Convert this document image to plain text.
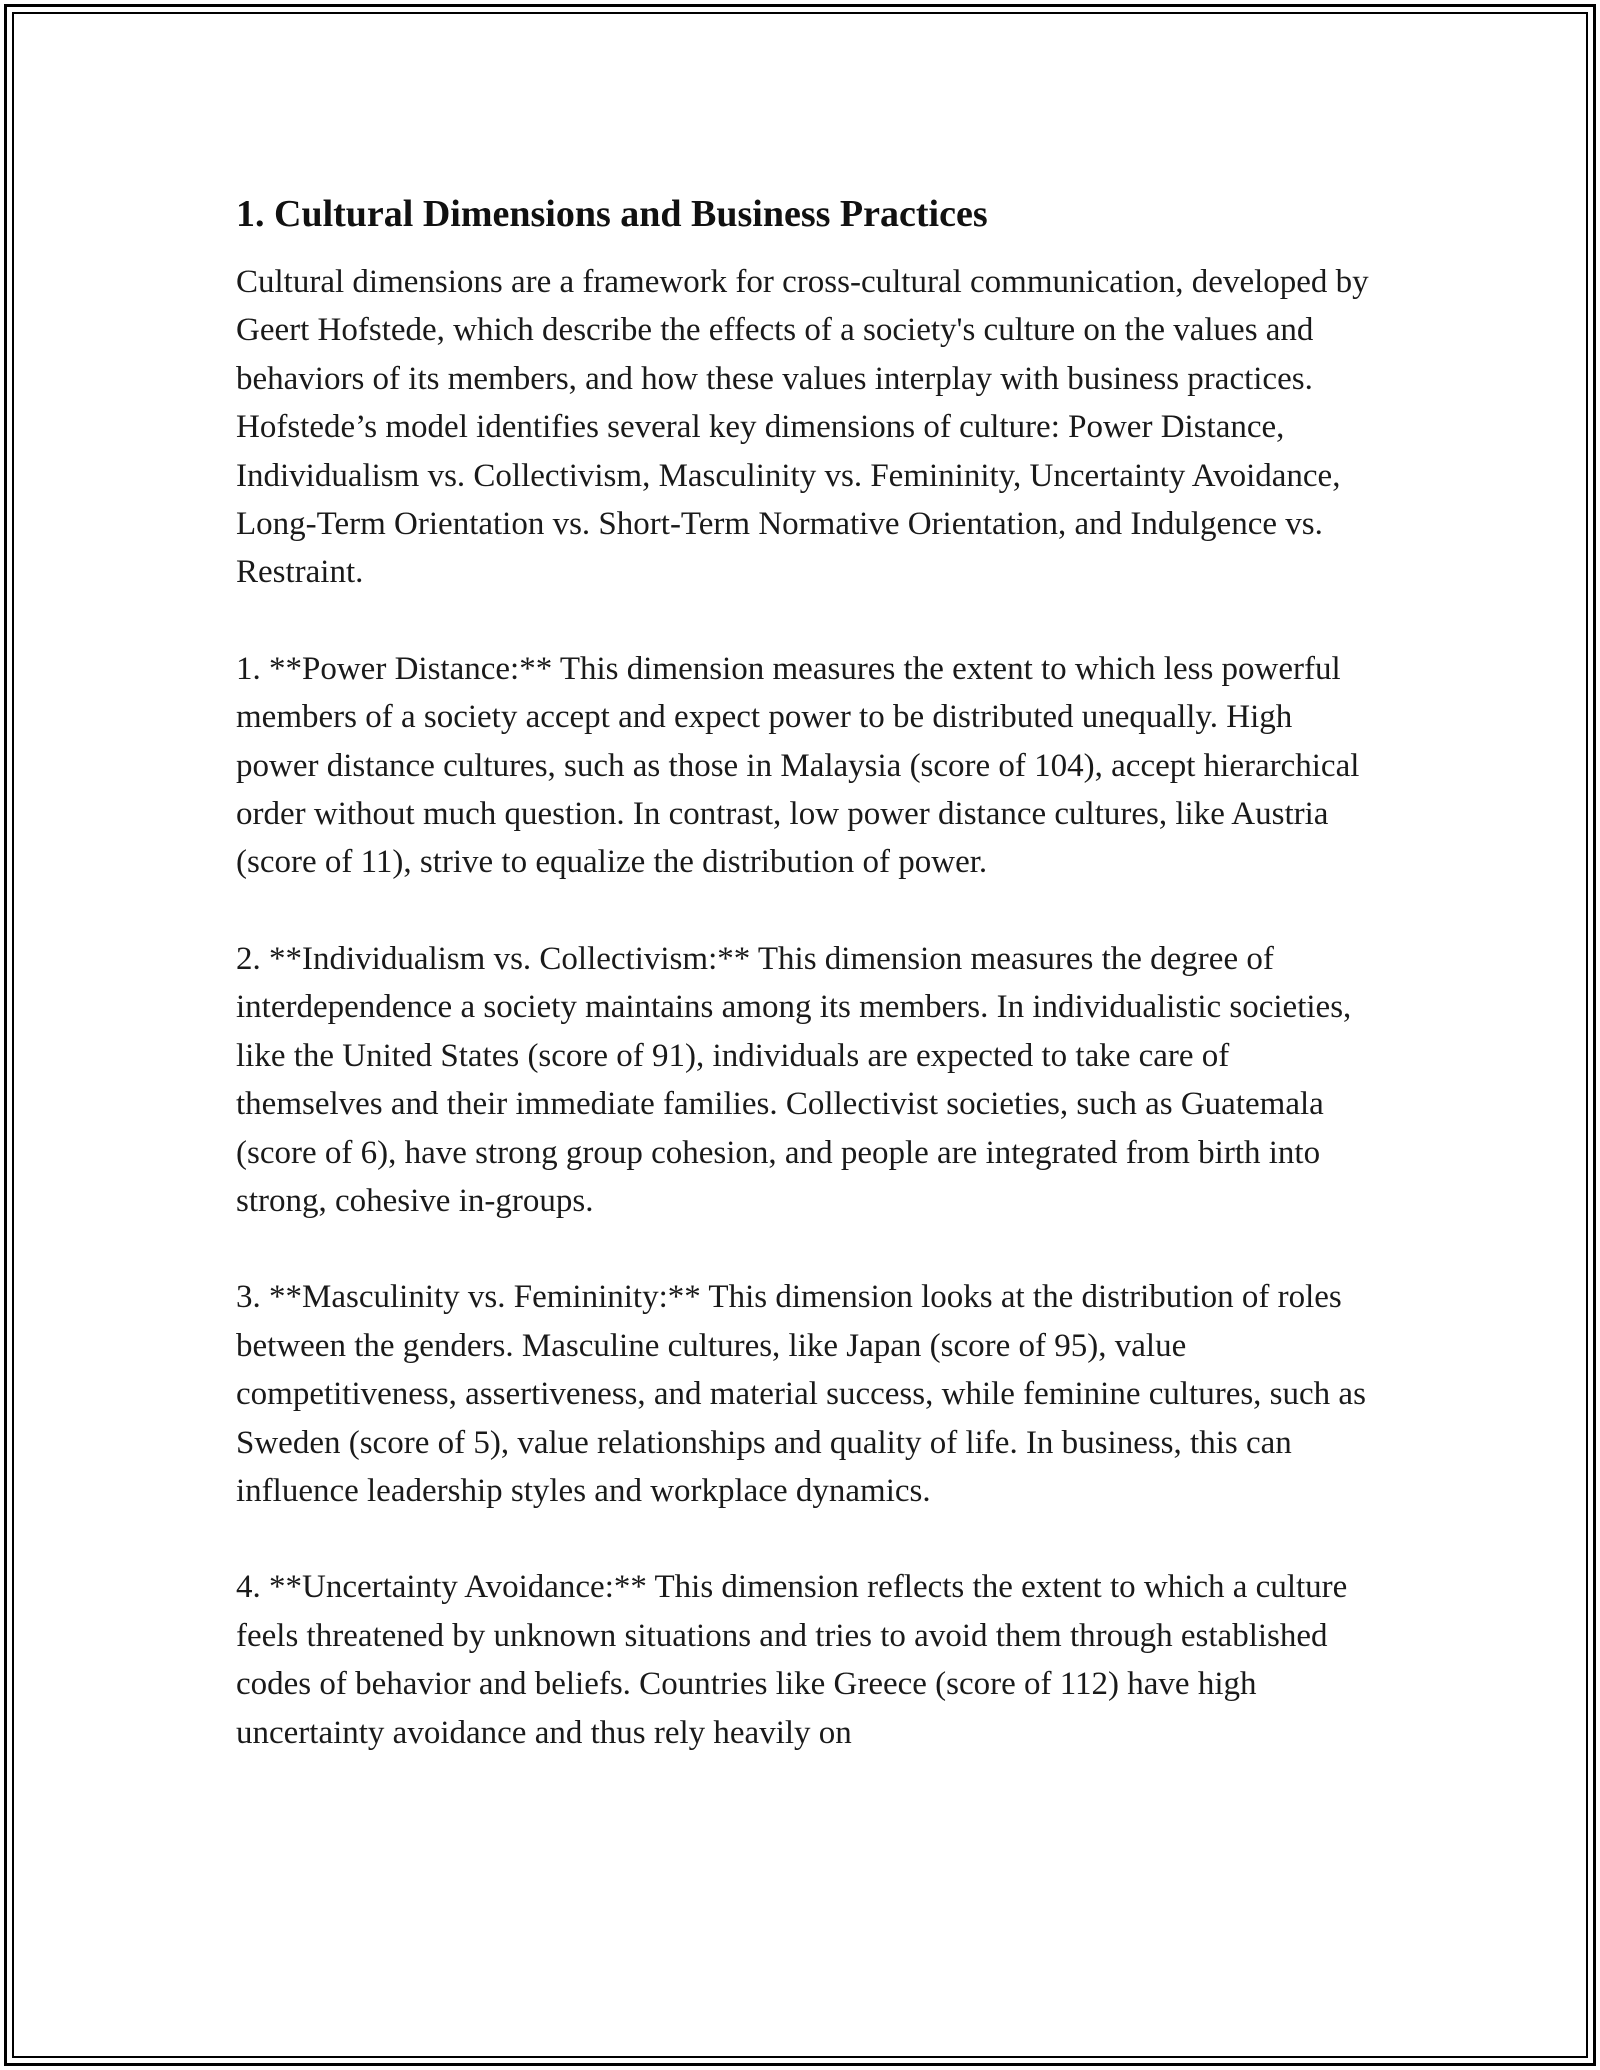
1. Cultural Dimensions and Business Practices

Cultural dimensions are a framework for cross-cultural communication, developed by Geert Hofstede, which describe the effects of a society's culture on the values and behaviors of its members, and how these values interplay with business practices. Hofstede’s model identifies several key dimensions of culture: Power Distance, Individualism vs. Collectivism, Masculinity vs. Femininity, Uncertainty Avoidance, Long-Term Orientation vs. Short-Term Normative Orientation, and Indulgence vs. Restraint.

1. **Power Distance:** This dimension measures the extent to which less powerful members of a society accept and expect power to be distributed unequally. High power distance cultures, such as those in Malaysia (score of 104), accept hierarchical order without much question. In contrast, low power distance cultures, like Austria (score of 11), strive to equalize the distribution of power.

2. **Individualism vs. Collectivism:** This dimension measures the degree of interdependence a society maintains among its members. In individualistic societies, like the United States (score of 91), individuals are expected to take care of themselves and their immediate families. Collectivist societies, such as Guatemala (score of 6), have strong group cohesion, and people are integrated from birth into strong, cohesive in-groups.

3. **Masculinity vs. Femininity:** This dimension looks at the distribution of roles between the genders. Masculine cultures, like Japan (score of 95), value competitiveness, assertiveness, and material success, while feminine cultures, such as Sweden (score of 5), value relationships and quality of life. In business, this can influence leadership styles and workplace dynamics.

4. **Uncertainty Avoidance:** This dimension reflects the extent to which a culture feels threatened by unknown situations and tries to avoid them through established codes of behavior and beliefs. Countries like Greece (score of 112) have high uncertainty avoidance and thus rely heavily on
